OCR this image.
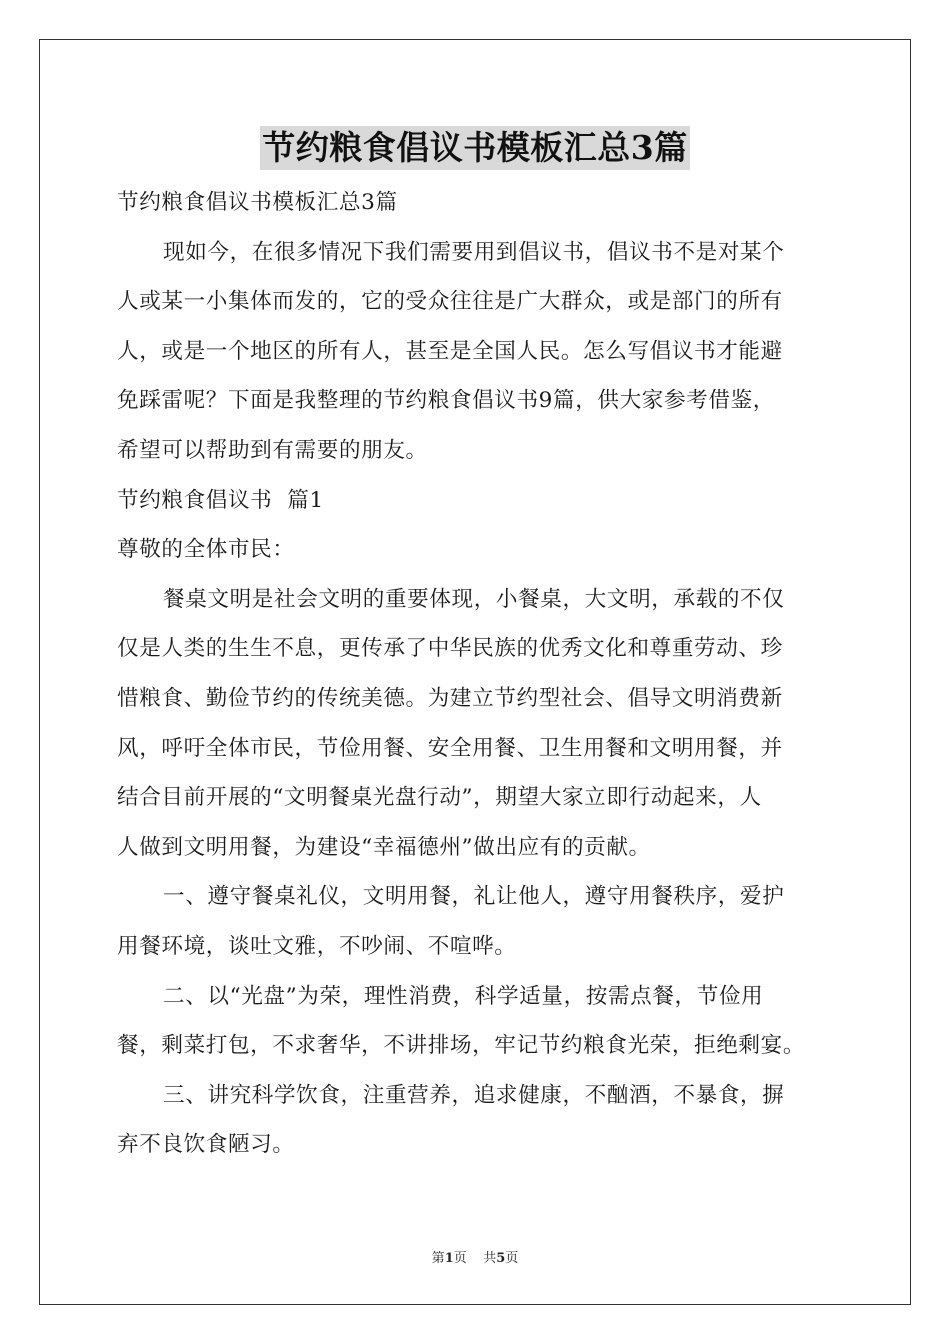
节约粮食倡议书模板汇总3篇

节约粮食倡议书模板汇总3篇

现如今，在很多情况下我们需要用到倡议书，倡议书不是对某个

人或某一小集体而发的，它的受众往往是广大群众，或是部门的所有

人，或是一个地区的所有人，甚至是全国人民。怎么写倡议书才能避

免踩雷呢？下面是我整理的节约粮食倡议书9篇，供大家参考借鉴，

希望可以帮助到有需要的朋友。

节约粮食倡议书  篇1

尊敬的全体市民：

餐桌文明是社会文明的重要体现，小餐桌，大文明，承载的不仅

仅是人类的生生不息，更传承了中华民族的优秀文化和尊重劳动、珍

惜粮食、勤俭节约的传统美德。为建立节约型社会、倡导文明消费新

风，呼吁全体市民，节俭用餐、安全用餐、卫生用餐和文明用餐，并

结合目前开展的“文明餐桌光盘行动”，期望大家立即行动起来，人

人做到文明用餐，为建设“幸福德州”做出应有的贡献。

一、遵守餐桌礼仪，文明用餐，礼让他人，遵守用餐秩序，爱护

用餐环境，谈吐文雅，不吵闹、不喧哗。

二、以“光盘”为荣，理性消费，科学适量，按需点餐，节俭用

餐，剩菜打包，不求奢华，不讲排场，牢记节约粮食光荣，拒绝剩宴。

三、讲究科学饮食，注重营养，追求健康，不酗酒，不暴食，摒

弃不良饮食陋习。

第1页    共5页
